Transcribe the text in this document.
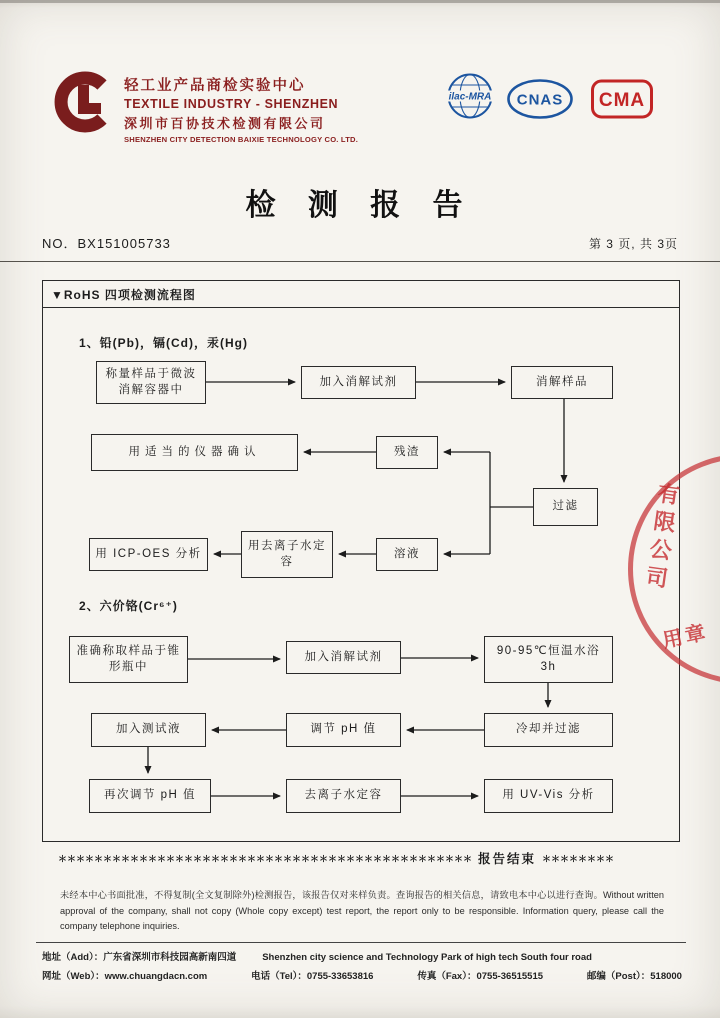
轻工业产品商检实验中心
TEXTILE INDUSTRY - SHENZHEN
深圳市百协技术检测有限公司
SHENZHEN CITY DETECTION BAIXIE TECHNOLOGY CO. LTD.
ilac-MRA CNAS CMA
检 测 报 告
NO．BX151005733	第 3 页, 共 3页
▼RoHS 四项检测流程图
1、铅(Pb)，镉(Cd)，汞(Hg)
2、六价铬(Cr⁶⁺)
称量样品于微波消解容器中
加入消解试剂	消解样品
用适当的仪器确认	残渣
过滤
用 ICP-OES 分析
用去离子水定容
溶液
准确称取样品于锥形瓶中
加入消解试剂	90-95℃恒温水浴 3h
加入测试液	调节 pH 值	冷却并过滤
再次调节 pH 值	去离子水定容	用 UV-Vis 分析
有限公司
用章
＊＊＊＊＊＊＊＊＊＊＊＊＊＊＊＊＊＊＊＊＊＊＊＊＊＊＊＊＊＊＊＊＊＊＊＊＊＊＊＊＊＊＊＊＊＊ 报告结束 ＊＊＊＊＊＊＊＊
未经本中心书面批准，不得复制(全文复制除外)检测报告，该报告仅对来样负责。查询报告的相关信息，请致电本中心以进行查询。Without written approval of the company, shall not copy (Whole copy except) test report, the report only to be responsible. Information query, please call the company telephone inquiries.
地址（Add）：广东省深圳市科技园高新南四道	Shenzhen city science and Technology Park of high tech South four road
网址（Web）：www.chuangdacn.com	电话（Tel）：0755-33653816	传真（Fax）：0755-36515515	邮编（Post）：518000
